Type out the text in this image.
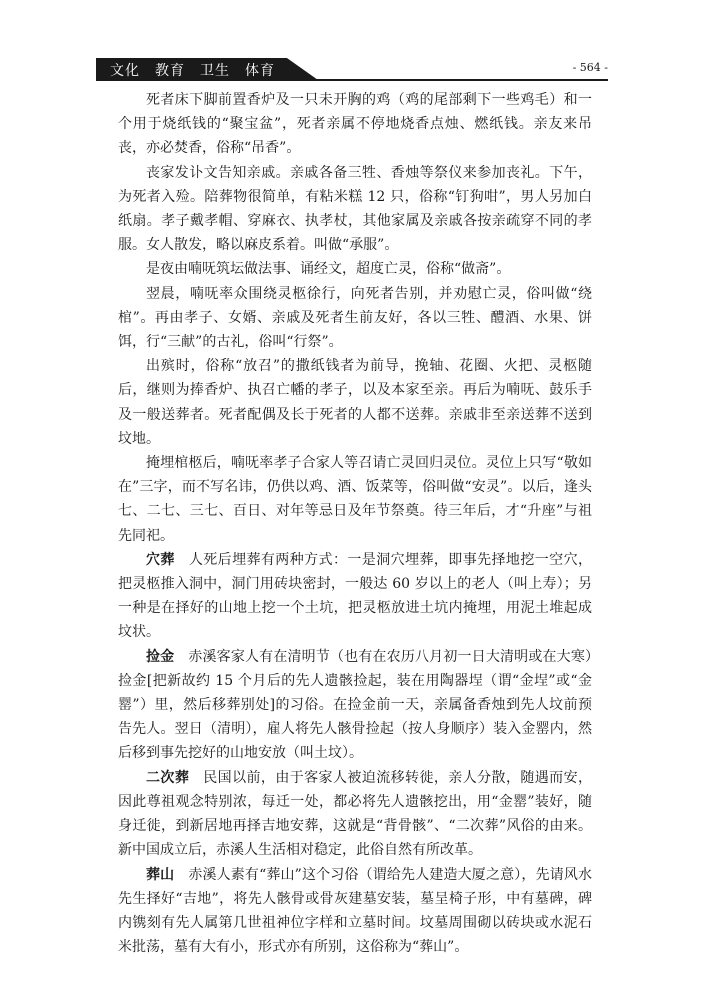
文化　教育　卫生　体育	- 564 -

死者床下脚前置香炉及一只未开胸的鸡（鸡的尾部剩下一些鸡毛）和一个用于烧纸钱的“聚宝盆”，死者亲属不停地烧香点烛、燃纸钱。亲友来吊丧，亦必焚香，俗称“吊香”。

丧家发讣文告知亲戚。亲戚各备三牲、香烛等祭仪来参加丧礼。下午，为死者入殓。陪葬物很简单，有粘米糕 12 只，俗称“钉狗咁”，男人另加白纸扇。孝子戴孝帽、穿麻衣、执孝杖，其他家属及亲戚各按亲疏穿不同的孝服。女人散发，略以麻皮系着。叫做“承服”。

是夜由喃呒筑坛做法事、诵经文，超度亡灵，俗称“做斋”。

翌晨，喃呒率众围绕灵柩徐行，向死者告别，并劝慰亡灵，俗叫做“绕棺”。再由孝子、女婿、亲戚及死者生前友好，各以三牲、醴酒、水果、饼饵，行“三献”的古礼，俗叫“行祭”。

出殡时，俗称“放召”的撒纸钱者为前导，挽轴、花圈、火把、灵柩随后，继则为捧香炉、执召亡幡的孝子，以及本家至亲。再后为喃呒、鼓乐手及一般送葬者。死者配偶及长于死者的人都不送葬。亲戚非至亲送葬不送到坟地。

掩埋棺柩后，喃呒率孝子合家人等召请亡灵回归灵位。灵位上只写“敬如在”三字，而不写名讳，仍供以鸡、酒、饭菜等，俗叫做“安灵”。以后，逢头七、二七、三七、百日、对年等忌日及年节祭奠。待三年后，才“升座”与祖先同祀。

穴葬 人死后埋葬有两种方式：一是洞穴埋葬，即事先择地挖一空穴，把灵柩推入洞中，洞门用砖块密封，一般达 60 岁以上的老人（叫上寿）；另一种是在择好的山地上挖一个土坑，把灵柩放进土坑内掩埋，用泥土堆起成坟状。

捡金 赤溪客家人有在清明节（也有在农历八月初一日大清明或在大寒）捡金[把新故约 15 个月后的先人遗骸捡起，装在用陶器埕（谓“金埕”或“金罂”）里，然后移葬别处]的习俗。在捡金前一天，亲属备香烛到先人坟前预告先人。翌日（清明），雇人将先人骸骨捡起（按人身顺序）装入金罂内，然后移到事先挖好的山地安放（叫土坟）。

二次葬 民国以前，由于客家人被迫流移转徙，亲人分散，随遇而安，因此尊祖观念特别浓，每迁一处，都必将先人遗骸挖出，用“金罂”装好，随身迁徙，到新居地再择吉地安葬，这就是“背骨骸”、“二次葬”风俗的由来。新中国成立后，赤溪人生活相对稳定，此俗自然有所改革。

葬山 赤溪人素有“葬山”这个习俗（谓给先人建造大厦之意），先请风水先生择好“吉地”，将先人骸骨或骨灰建墓安装，墓呈椅子形，中有墓碑，碑内镌刻有先人属第几世祖神位字样和立墓时间。坟墓周围砌以砖块或水泥石米批荡，墓有大有小，形式亦有所别，这俗称为“葬山”。
